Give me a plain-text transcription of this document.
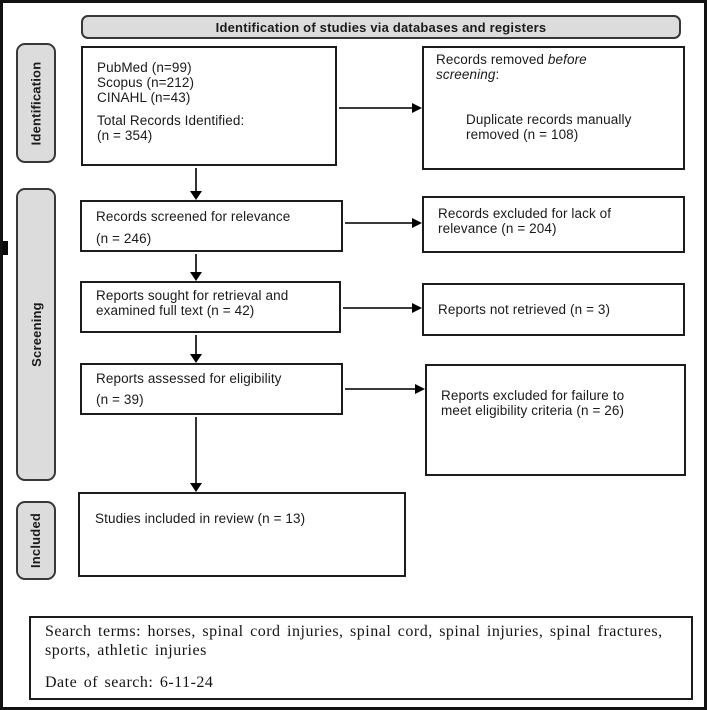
Identification of studies via databases and registers
Identification
Screening
Included
PubMed (n=99)
Scopus (n=212)
CINAHL (n=43)
Total Records Identified:
(n = 354)
Records removed before
screening:
Duplicate records manually removed (n = 108)
Records screened for relevance
(n = 246)
Records excluded for lack of relevance (n = 204)
Reports sought for retrieval and examined full text (n = 42)	Reports not retrieved (n = 3)
Reports assessed for eligibility
(n = 39)	Reports excluded for failure to meet eligibility criteria (n = 26)
Studies included in review (n = 13)
Search terms: horses, spinal cord injuries, spinal cord, spinal injuries, spinal fractures, sports, athletic injuries
Date of search: 6-11-24
